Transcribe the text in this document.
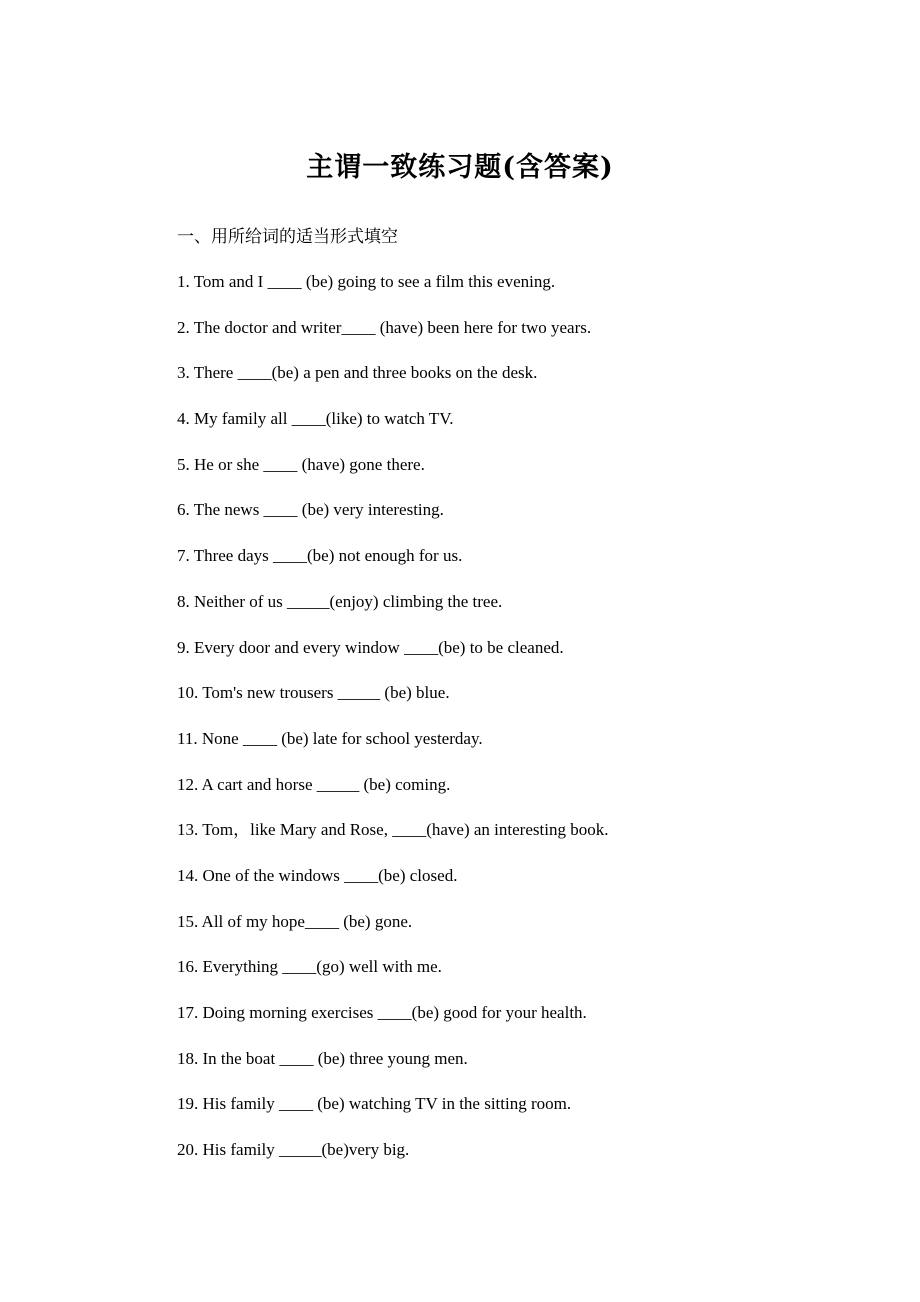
主谓一致练习题(含答案)
一、用所给词的适当形式填空
1. Tom and I ____ (be) going to see a film this evening.
2. The doctor and writer____ (have) been here for two years.
3. There ____(be) a pen and three books on the desk.
4. My family all ____(like) to watch TV.
5. He or she ____ (have) gone there.
6. The news ____ (be) very interesting.
7. Three days ____(be) not enough for us.
8. Neither of us _____(enjoy) climbing the tree.
9. Every door and every window ____(be) to be cleaned.
10. Tom's new trousers _____ (be) blue.
11. None ____ (be) late for school yesterday.
12. A cart and horse _____ (be) coming.
13. Tom，like Mary and Rose, ____(have) an interesting book.
14. One of the windows ____(be) closed.
15. All of my hope____ (be) gone.
16. Everything ____(go) well with me.
17. Doing morning exercises ____(be) good for your health.
18. In the boat ____ (be) three young men.
19. His family ____ (be) watching TV in the sitting room.
20. His family _____(be)very big.
